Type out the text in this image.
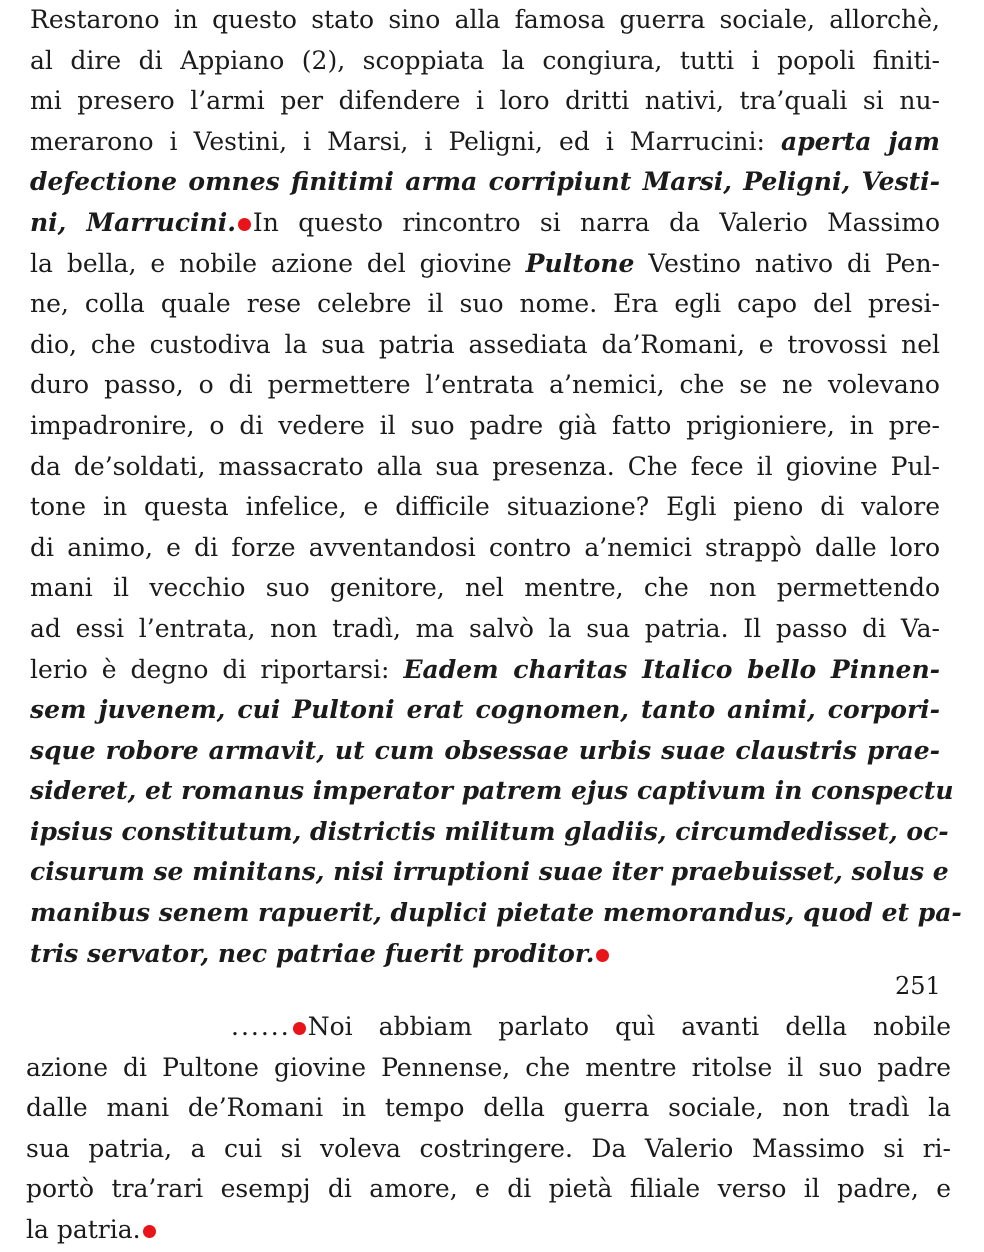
Restarono in questo stato sino alla famosa guerra sociale, allorchè,
al dire di Appiano (2), scoppiata la congiura, tutti i popoli finiti-
mi presero l’armi per difendere i loro dritti nativi, tra’quali si nu-
merarono i Vestini, i Marsi, i Peligni, ed i Marrucini: aperta jam
defectione omnes finitimi arma corripiunt Marsi, Peligni, Vesti-
ni, Marrucini. In questo rincontro si narra da Valerio Massimo
la bella, e nobile azione del giovine Pultone Vestino nativo di Pen-
ne, colla quale rese celebre il suo nome. Era egli capo del presi-
dio, che custodiva la sua patria assediata da’Romani, e trovossi nel
duro passo, o di permettere l’entrata a’nemici, che se ne volevano
impadronire, o di vedere il suo padre già fatto prigioniere, in pre-
da de’soldati, massacrato alla sua presenza. Che fece il giovine Pul-
tone in questa infelice, e difficile situazione? Egli pieno di valore
di animo, e di forze avventandosi contro a’nemici strappò dalle loro
mani il vecchio suo genitore, nel mentre, che non permettendo
ad essi l’entrata, non tradì, ma salvò la sua patria. Il passo di Va-
lerio è degno di riportarsi: Eadem charitas Italico bello Pinnen-
sem juvenem, cui Pultoni erat cognomen, tanto animi, corpori-
sque robore armavit, ut cum obsessae urbis suae claustris prae-
sideret, et romanus imperator patrem ejus captivum in conspectu
ipsius constitutum, districtis militum gladiis, circumdedisset, oc-
cisurum se minitans, nisi irruptioni suae iter praebuisset, solus e
manibus senem rapuerit, duplici pietate memorandus, quod et pa-
tris servator, nec patriae fuerit proditor.
251
...... Noi abbiam parlato quì avanti della nobile
azione di Pultone giovine Pennense, che mentre ritolse il suo padre
dalle mani de’Romani in tempo della guerra sociale, non tradì la
sua patria, a cui si voleva costringere. Da Valerio Massimo si ri-
portò tra’rari esempj di amore, e di pietà filiale verso il padre, e
la patria.
